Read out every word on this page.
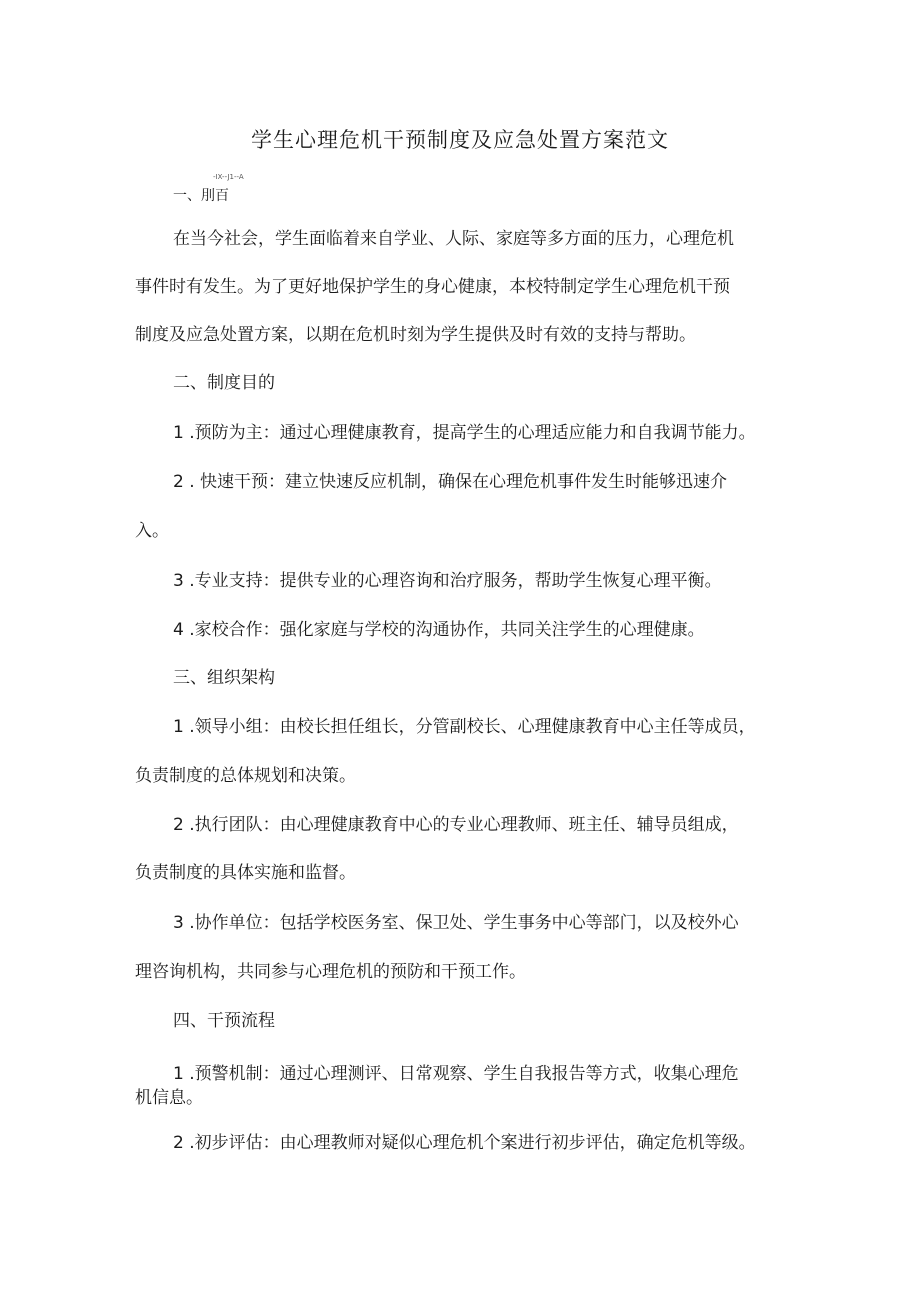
学生心理危机干预制度及应急处置方案范文
-IX--J1--A

一、刖百

在当今社会，学生面临着来自学业、人际、家庭等多方面的压力，心理危机

事件时有发生。为了更好地保护学生的身心健康，本校特制定学生心理危机干预

制度及应急处置方案，以期在危机时刻为学生提供及时有效的支持与帮助。

二、制度目的

1 .预防为主：通过心理健康教育，提高学生的心理适应能力和自我调节能力。

2 . 快速干预：建立快速反应机制，确保在心理危机事件发生时能够迅速介

入。

3 .专业支持：提供专业的心理咨询和治疗服务，帮助学生恢复心理平衡。

4 .家校合作：强化家庭与学校的沟通协作，共同关注学生的心理健康。

三、组织架构

1 .领导小组：由校长担任组长，分管副校长、心理健康教育中心主任等成员，

负责制度的总体规划和决策。

2 .执行团队：由心理健康教育中心的专业心理教师、班主任、辅导员组成，

负责制度的具体实施和监督。

3 .协作单位：包括学校医务室、保卫处、学生事务中心等部门，以及校外心

理咨询机构，共同参与心理危机的预防和干预工作。

四、干预流程

1 .预警机制：通过心理测评、日常观察、学生自我报告等方式，收集心理危

机信息。

2 .初步评估：由心理教师对疑似心理危机个案进行初步评估，确定危机等级。
